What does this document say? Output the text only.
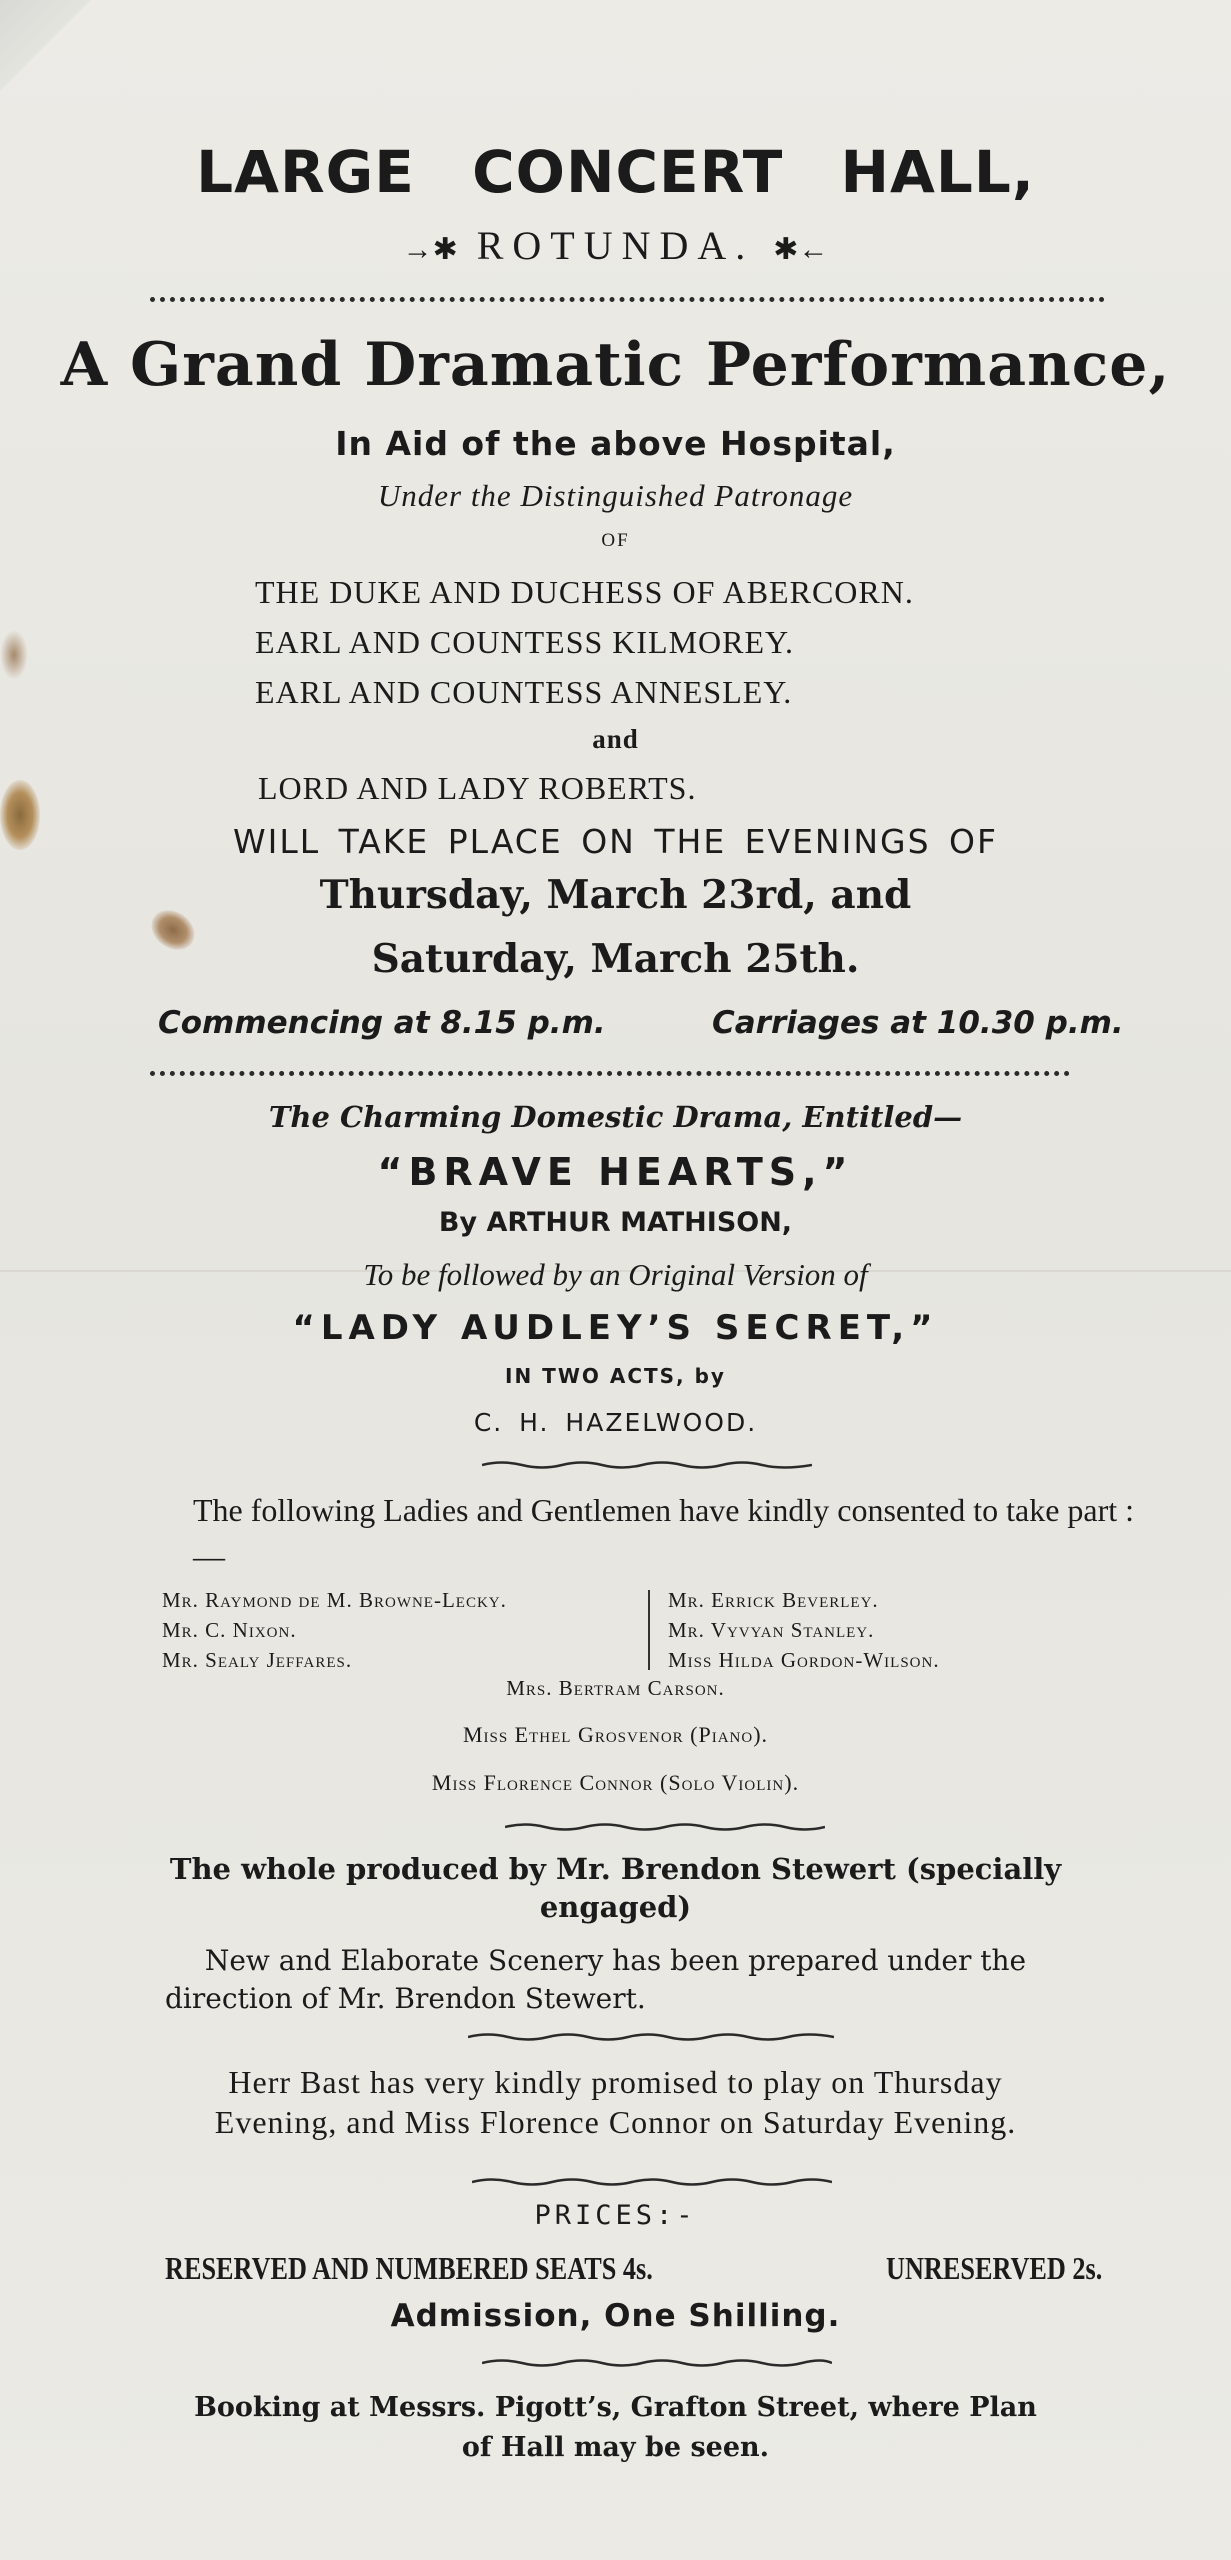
LARGE CONCERT HALL,
→✱ ROTUNDA. ✱←
A Grand Dramatic Performance,
In Aid of the above Hospital,
Under the Distinguished Patronage
OF
THE DUKE AND DUCHESS OF ABERCORN.
EARL AND COUNTESS KILMOREY.
EARL AND COUNTESS ANNESLEY.
and
LORD AND LADY ROBERTS.
WILL TAKE PLACE ON THE EVENINGS OF
Thursday, March 23rd, and
Saturday, March 25th.
Commencing at 8.15 p.m.	Carriages at 10.30 p.m.
The Charming Domestic Drama, Entitled—
“BRAVE HEARTS,”
By ARTHUR MATHISON,
To be followed by an Original Version of
“LADY AUDLEY’S SECRET,”
IN TWO ACTS, by
C. H. HAZELWOOD.
The following Ladies and Gentlemen have kindly consented to take part :—
Mr. Raymond de M. Browne-Lecky.
Mr. C. Nixon.
Mr. Sealy Jeffares.
Mr. Errick Beverley.
Mr. Vyvyan Stanley.
Miss Hilda Gordon-Wilson.
Mrs. Bertram Carson.
Miss Ethel Grosvenor (Piano).
Miss Florence Connor (Solo Violin).
The whole produced by Mr. Brendon Stewert (specially
engaged)
New and Elaborate Scenery has been prepared under the
direction of Mr. Brendon Stewert.
Herr Bast has very kindly promised to play on Thursday
Evening, and Miss Florence Connor on Saturday Evening.
PRICES:-
RESERVED AND NUMBERED SEATS 4s.	UNRESERVED 2s.
Admission, One Shilling.
Booking at Messrs. Pigott’s, Grafton Street, where Plan
of Hall may be seen.
